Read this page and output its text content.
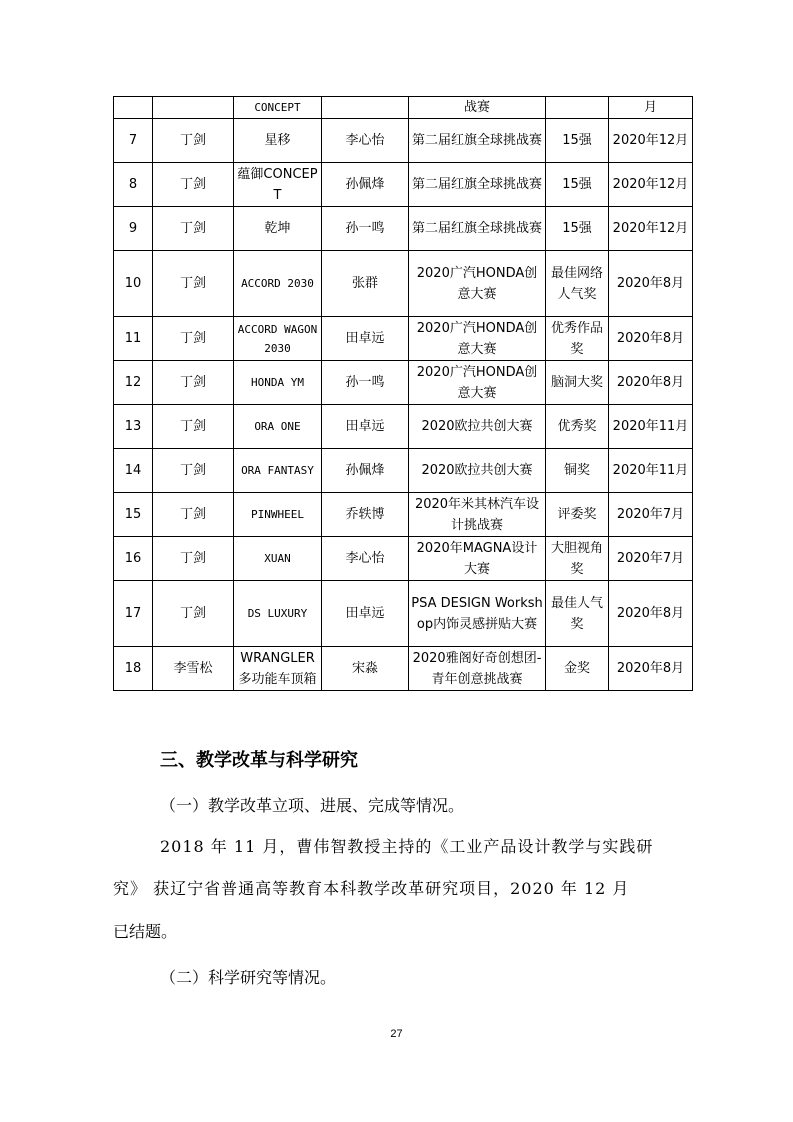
		CONCEPT		战赛		月
7	丁剑	星移	李心怡	第二届红旗全球挑战赛	15强	2020年12月
8	丁剑	蕴御CONCEPT	孙佩烽	第二届红旗全球挑战赛	15强	2020年12月
9	丁剑	乾坤	孙一鸣	第二届红旗全球挑战赛	15强	2020年12月
10	丁剑	ACCORD 2030	张群	2020广汽HONDA创意大赛	最佳网络人气奖	2020年8月
11	丁剑	ACCORD WAGON2030	田卓远	2020广汽HONDA创意大赛	优秀作品奖	2020年8月
12	丁剑	HONDA YM	孙一鸣	2020广汽HONDA创意大赛	脑洞大奖	2020年8月
13	丁剑	ORA ONE	田卓远	2020欧拉共创大赛	优秀奖	2020年11月
14	丁剑	ORA FANTASY	孙佩烽	2020欧拉共创大赛	铜奖	2020年11月
15	丁剑	PINWHEEL	乔轶博	2020年米其林汽车设计挑战赛	评委奖	2020年7月
16	丁剑	XUAN	李心怡	2020年MAGNA设计大赛	大胆视角奖	2020年7月
17	丁剑	DS LUXURY	田卓远	PSA DESIGN Workshop内饰灵感拼贴大赛	最佳人气奖	2020年8月
18	李雪松	WRANGLER多功能车顶箱	宋淼	2020雅阁好奇创想团-青年创意挑战赛	金奖	2020年8月
三、教学改革与科学研究
（一）教学改革立项、进展、完成等情况。
2018 年 11 月，曹伟智教授主持的《工业产品设计教学与实践研
究》 获辽宁省普通高等教育本科教学改革研究项目，2020 年 12 月
已结题。
（二）科学研究等情况。
27
